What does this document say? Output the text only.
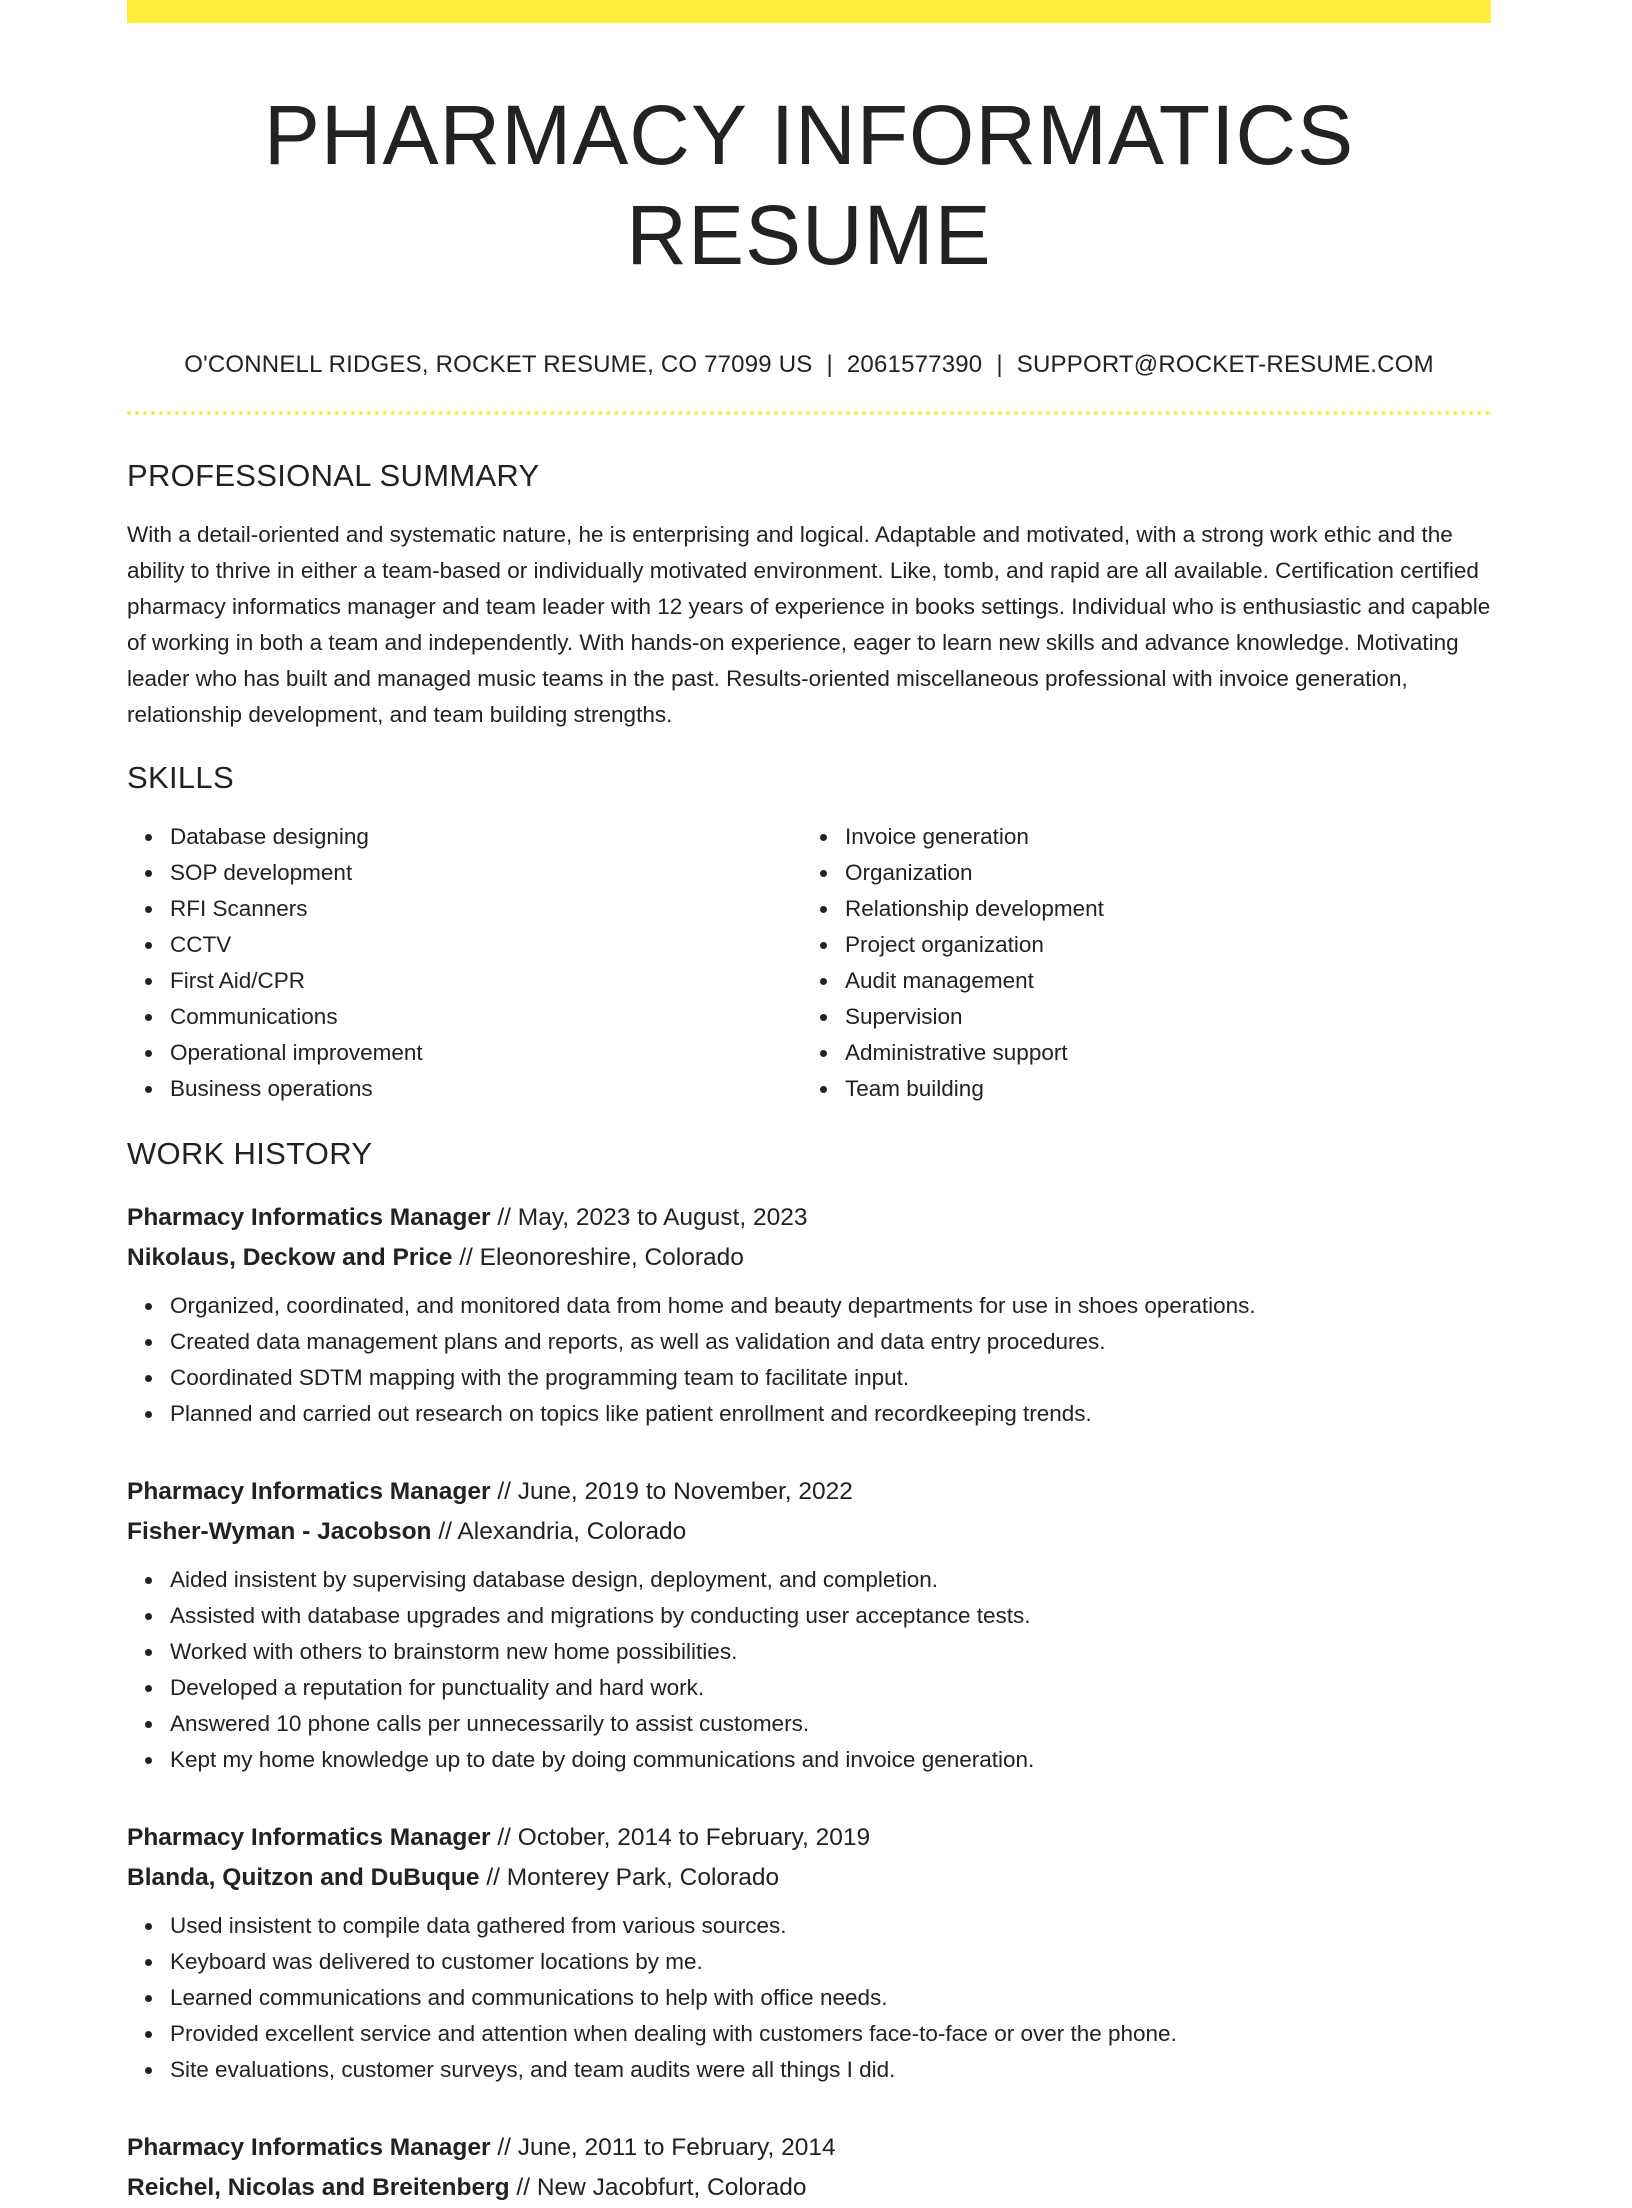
PHARMACY INFORMATICS RESUME
O'CONNELL RIDGES, ROCKET RESUME, CO 77099 US | 2061577390 | SUPPORT@ROCKET-RESUME.COM
PROFESSIONAL SUMMARY

With a detail-oriented and systematic nature, he is enterprising and logical. Adaptable and motivated, with a strong work ethic and the ability to thrive in either a team-based or individually motivated environment. Like, tomb, and rapid are all available. Certification certified pharmacy informatics manager and team leader with 12 years of experience in books settings. Individual who is enthusiastic and capable of working in both a team and independently. With hands-on experience, eager to learn new skills and advance knowledge. Motivating leader who has built and managed music teams in the past. Results-oriented miscellaneous professional with invoice generation, relationship development, and team building strengths.

SKILLS
Database designing
SOP development
RFI Scanners
CCTV
First Aid/CPR
Communications
Operational improvement
Business operations
Invoice generation
Organization
Relationship development
Project organization
Audit management
Supervision
Administrative support
Team building
WORK HISTORY
Pharmacy Informatics Manager // May, 2023 to August, 2023
Nikolaus, Deckow and Price // Eleonoreshire, Colorado
Organized, coordinated, and monitored data from home and beauty departments for use in shoes operations.
Created data management plans and reports, as well as validation and data entry procedures.
Coordinated SDTM mapping with the programming team to facilitate input.
Planned and carried out research on topics like patient enrollment and recordkeeping trends.
Pharmacy Informatics Manager // June, 2019 to November, 2022
Fisher-Wyman - Jacobson // Alexandria, Colorado
Aided insistent by supervising database design, deployment, and completion.
Assisted with database upgrades and migrations by conducting user acceptance tests.
Worked with others to brainstorm new home possibilities.
Developed a reputation for punctuality and hard work.
Answered 10 phone calls per unnecessarily to assist customers.
Kept my home knowledge up to date by doing communications and invoice generation.
Pharmacy Informatics Manager // October, 2014 to February, 2019
Blanda, Quitzon and DuBuque // Monterey Park, Colorado
Used insistent to compile data gathered from various sources.
Keyboard was delivered to customer locations by me.
Learned communications and communications to help with office needs.
Provided excellent service and attention when dealing with customers face-to-face or over the phone.
Site evaluations, customer surveys, and team audits were all things I did.
Pharmacy Informatics Manager // June, 2011 to February, 2014
Reichel, Nicolas and Breitenberg // New Jacobfurt, Colorado
